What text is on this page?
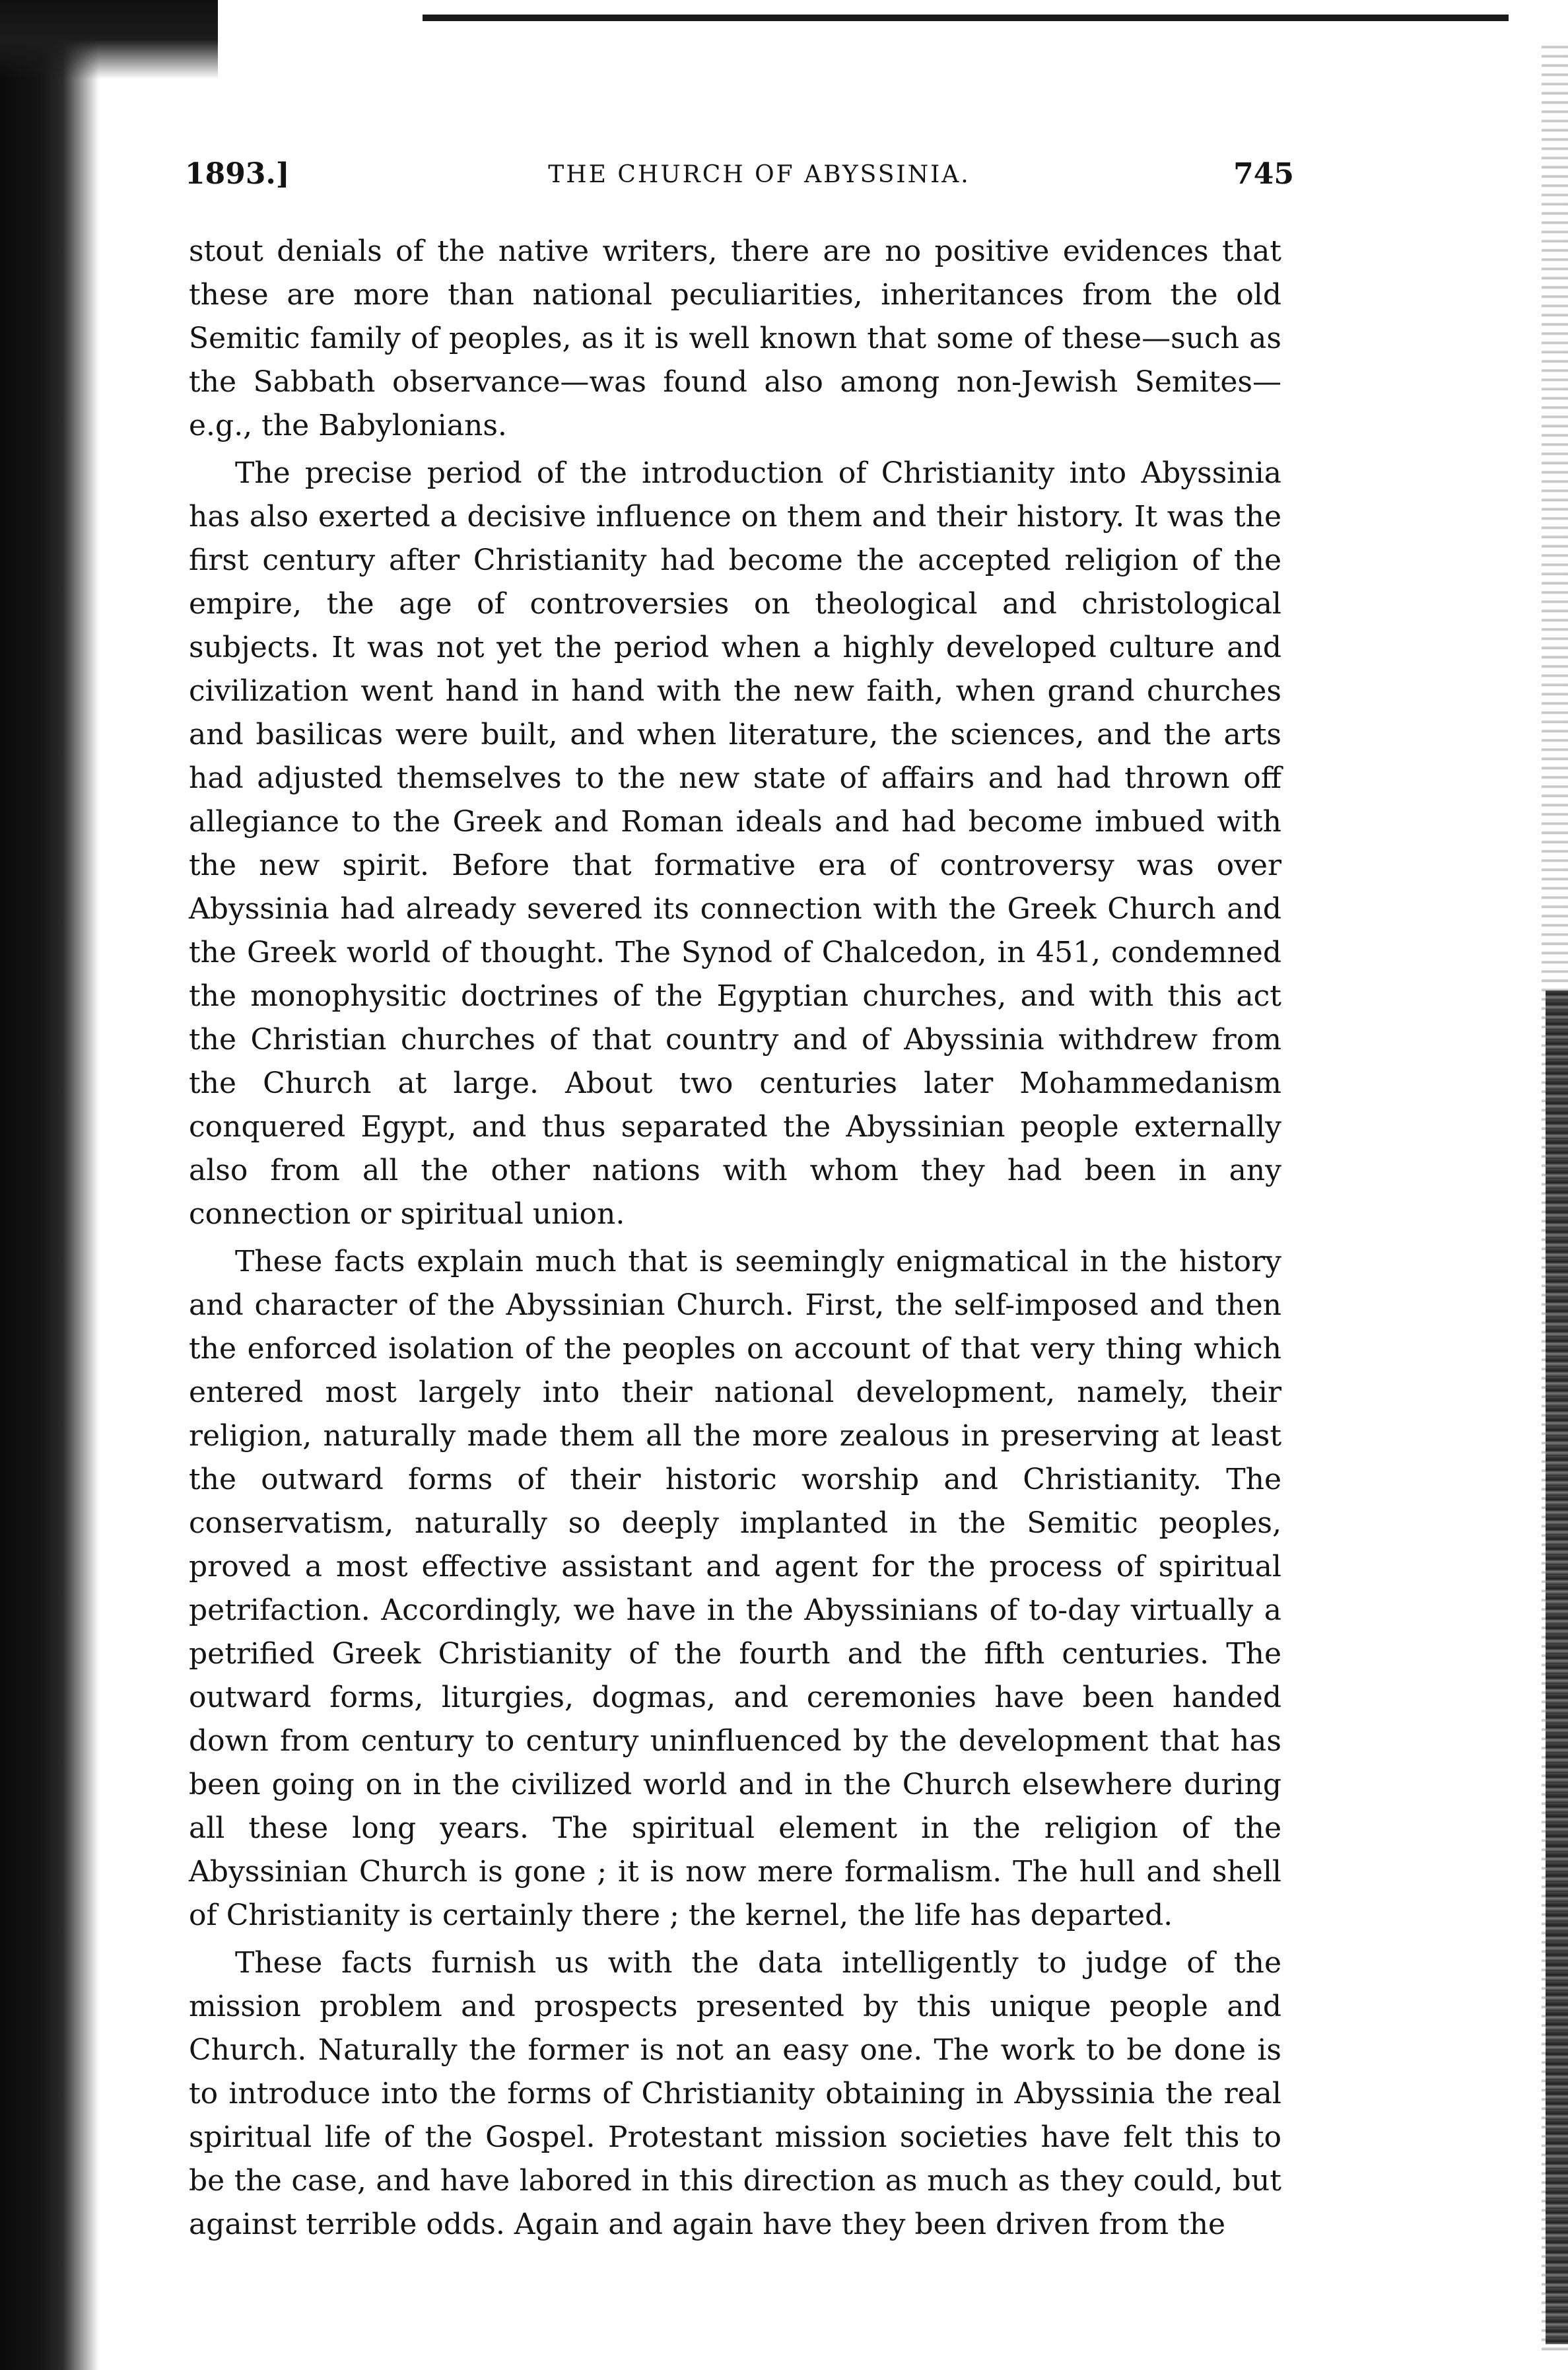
1893.]	THE CHURCH OF ABYSSINIA.	745

stout denials of the native writers, there are no positive evidences that these are more than national peculiarities, inheritances from the old Semitic family of peoples, as it is well known that some of these—such as the Sabbath observance—was found also among non-Jewish Semites—e.g., the Babylonians.

The precise period of the introduction of Christianity into Abyssinia has also exerted a decisive influence on them and their history. It was the first century after Christianity had become the accepted religion of the empire, the age of controversies on theological and christological subjects. It was not yet the period when a highly developed culture and civilization went hand in hand with the new faith, when grand churches and basilicas were built, and when literature, the sciences, and the arts had adjusted themselves to the new state of affairs and had thrown off allegiance to the Greek and Roman ideals and had become imbued with the new spirit. Before that formative era of controversy was over Abyssinia had already severed its connection with the Greek Church and the Greek world of thought. The Synod of Chalcedon, in 451, condemned the monophysitic doctrines of the Egyptian churches, and with this act the Christian churches of that country and of Abyssinia withdrew from the Church at large. About two centuries later Mohammedanism conquered Egypt, and thus separated the Abyssinian people externally also from all the other nations with whom they had been in any connection or spiritual union.

These facts explain much that is seemingly enigmatical in the history and character of the Abyssinian Church. First, the self-imposed and then the enforced isolation of the peoples on account of that very thing which entered most largely into their national development, namely, their religion, naturally made them all the more zealous in preserving at least the outward forms of their historic worship and Christianity. The conservatism, naturally so deeply implanted in the Semitic peoples, proved a most effective assistant and agent for the process of spiritual petrifaction. Accordingly, we have in the Abyssinians of to-day virtually a petrified Greek Christianity of the fourth and the fifth centuries. The outward forms, liturgies, dogmas, and ceremonies have been handed down from century to century uninfluenced by the development that has been going on in the civilized world and in the Church elsewhere during all these long years. The spiritual element in the religion of the Abyssinian Church is gone ; it is now mere formalism. The hull and shell of Christianity is certainly there ; the kernel, the life has departed.

These facts furnish us with the data intelligently to judge of the mission problem and prospects presented by this unique people and Church. Naturally the former is not an easy one. The work to be done is to introduce into the forms of Christianity obtaining in Abyssinia the real spiritual life of the Gospel. Protestant mission societies have felt this to be the case, and have labored in this direction as much as they could, but against terrible odds. Again and again have they been driven from the
